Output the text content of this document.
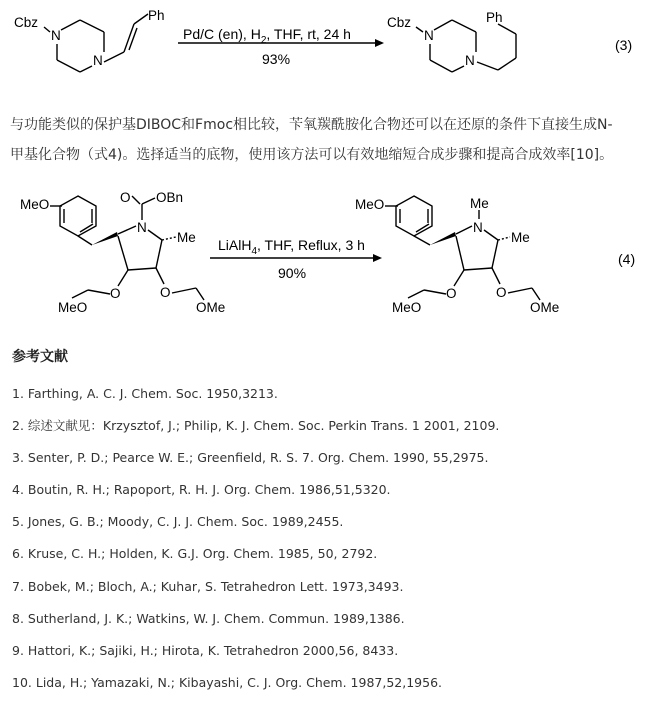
Cbz
N
N
Ph
Pd/C (en), $H_2$, THF, rt, 24 h
93%
Cbz
N
N
Ph
(3)
与功能类似的保护基DIBOC和Fmoc相比较，苄氧羰酰胺化合物还可以在还原的条件下直接生成N-
甲基化合物（式4)。选择适当的底物，使用该方法可以有效地缩短合成步骤和提高合成效率[10]。
MeO
N
Me
O OBn
O
MeO
O
OMe
LiAlH$_4$, THF, Reflux, 3 h
90%
MeO
N
Me
Me
O
MeO
O
OMe
(4)
参考文献
1. Farthing, A. C. J. Chem. Soc. 1950,3213.
2. 综述文献见：Krzysztof, J.; Philip, K. J. Chem. Soc. Perkin Trans. 1 2001, 2109.
3. Senter, P. D.; Pearce W. E.; Greenfield, R. S. 7. Org. Chem. 1990, 55,2975.
4. Boutin, R. H.; Rapoport, R. H. J. Org. Chem. 1986,51,5320.
5. Jones, G. B.; Moody, C. J. J. Chem. Soc. 1989,2455.
6. Kruse, C. H.; Holden, K. G.J. Org. Chem. 1985, 50, 2792.
7. Bobek, M.; Bloch, A.; Kuhar, S. Tetrahedron Lett. 1973,3493.
8. Sutherland, J. K.; Watkins, W. J. Chem. Commun. 1989,1386.
9. Hattori, K.; Sajiki, H.; Hirota, K. Tetrahedron 2000,56, 8433.
10. Lida, H.; Yamazaki, N.; Kibayashi, C. J. Org. Chem. 1987,52,1956.
